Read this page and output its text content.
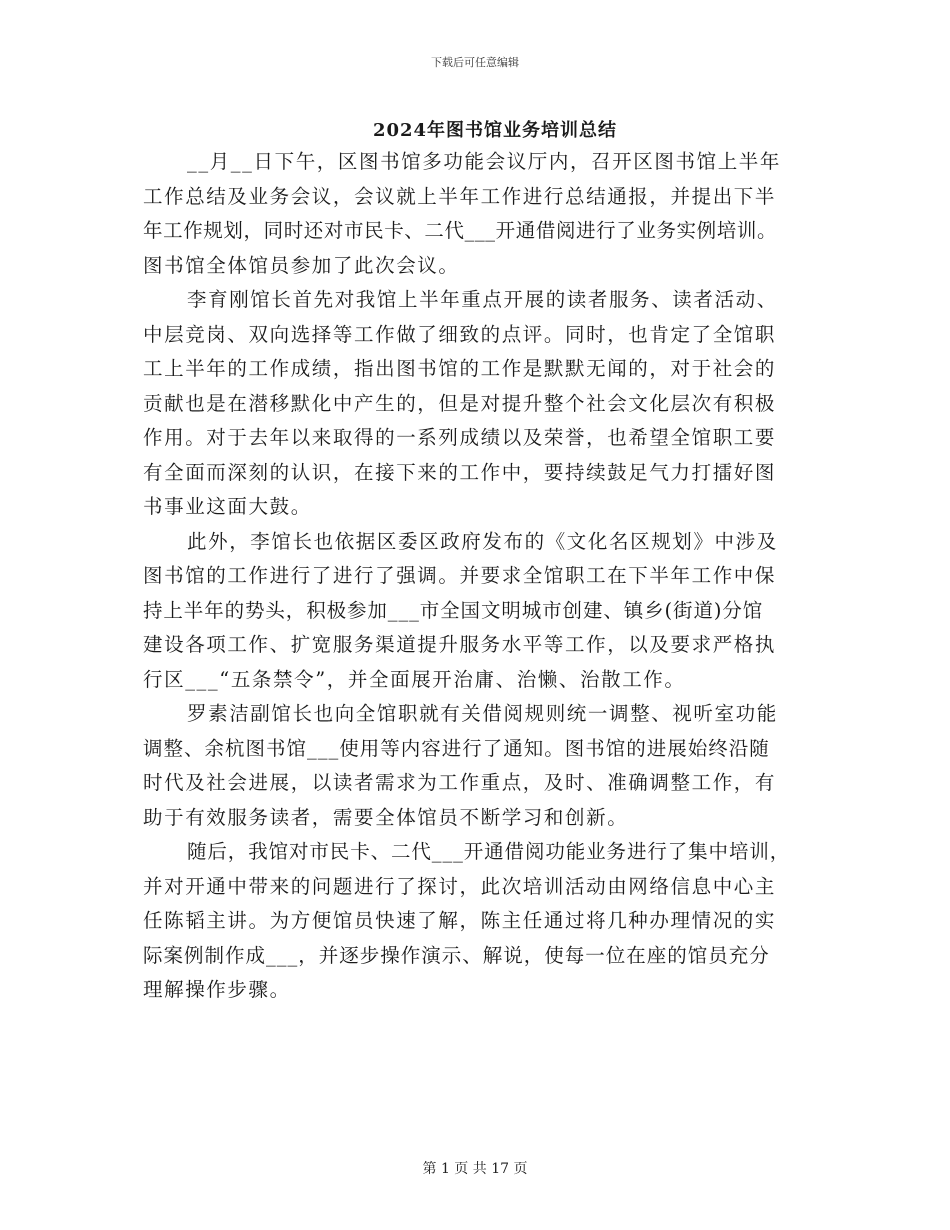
下载后可任意编辑
2024年图书馆业务培训总结
__月__日下午，区图书馆多功能会议厅内，召开区图书馆上半年
工作总结及业务会议，会议就上半年工作进行总结通报，并提出下半
年工作规划，同时还对市民卡、二代___开通借阅进行了业务实例培训。
图书馆全体馆员参加了此次会议。
李育刚馆长首先对我馆上半年重点开展的读者服务、读者活动、
中层竞岗、双向选择等工作做了细致的点评。同时，也肯定了全馆职
工上半年的工作成绩，指出图书馆的工作是默默无闻的，对于社会的
贡献也是在潜移默化中产生的，但是对提升整个社会文化层次有积极
作用。对于去年以来取得的一系列成绩以及荣誉，也希望全馆职工要
有全面而深刻的认识，在接下来的工作中，要持续鼓足气力打擂好图
书事业这面大鼓。
此外，李馆长也依据区委区政府发布的《文化名区规划》中涉及
图书馆的工作进行了进行了强调。并要求全馆职工在下半年工作中保
持上半年的势头，积极参加___市全国文明城市创建、镇乡(街道)分馆
建设各项工作、扩宽服务渠道提升服务水平等工作，以及要求严格执
行区___“五条禁令”，并全面展开治庸、治懒、治散工作。
罗素洁副馆长也向全馆职就有关借阅规则统一调整、视听室功能
调整、余杭图书馆___使用等内容进行了通知。图书馆的进展始终沿随
时代及社会进展，以读者需求为工作重点，及时、准确调整工作，有
助于有效服务读者，需要全体馆员不断学习和创新。
随后，我馆对市民卡、二代___开通借阅功能业务进行了集中培训，
并对开通中带来的问题进行了探讨，此次培训活动由网络信息中心主
任陈韬主讲。为方便馆员快速了解，陈主任通过将几种办理情况的实
际案例制作成___，并逐步操作演示、解说，使每一位在座的馆员充分
理解操作步骤。
第 1 页 共 17 页
